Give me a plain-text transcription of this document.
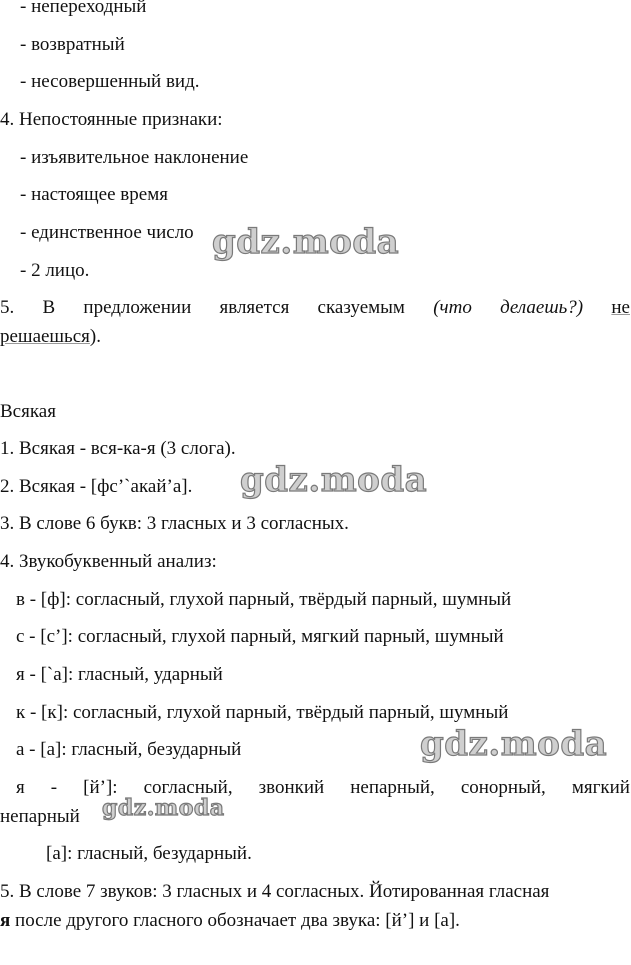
- непереходный
- возвратный
- несовершенный вид.
4. Непостоянные признаки:
- изъявительное наклонение
- настоящее время
- единственное число
- 2 лицо.
5. В предложении является сказуемым (что делаешь?) не
решаешься).
Всякая
1. Всякая - вся-ка-я (3 слога).
2. Всякая - [фс’`акай’а].
3. В слове 6 букв: 3 гласных и 3 согласных.
4. Звукобуквенный анализ:
в - [ф]: согласный, глухой парный, твёрдый парный, шумный
с - [с’]: согласный, глухой парный, мягкий парный, шумный
я - [`а]: гласный, ударный
к - [к]: согласный, глухой парный, твёрдый парный, шумный
а - [а]: гласный, безударный
я - [й’]: согласный, звонкий непарный, сонорный, мягкий
непарный
[а]: гласный, безударный.
5. В слове 7 звуков: 3 гласных и 4 согласных. Йотированная гласная
я после другого гласного обозначает два звука: [й’] и [а].
gdz.moda
gdz.moda
gdz.moda
gdz.moda
